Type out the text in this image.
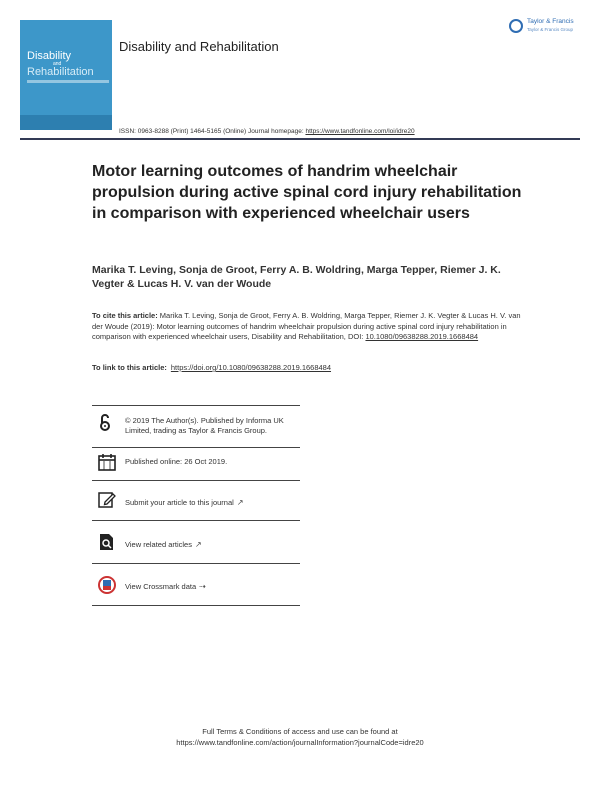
Disability
and
Rehabilitation
Disability and Rehabilitation
Taylor & Francis
Taylor & Francis Group
ISSN: 0963-8288 (Print) 1464-5165 (Online) Journal homepage: https://www.tandfonline.com/loi/idre20
Motor learning outcomes of handrim wheelchair propulsion during active spinal cord injury rehabilitation in comparison with experienced wheelchair users

Marika T. Leving, Sonja de Groot, Ferry A. B. Woldring, Marga Tepper, Riemer J. K. Vegter & Lucas H. V. van der Woude

To cite this article: Marika T. Leving, Sonja de Groot, Ferry A. B. Woldring, Marga Tepper, Riemer J. K. Vegter & Lucas H. V. van der Woude (2019): Motor learning outcomes of handrim wheelchair propulsion during active spinal cord injury rehabilitation in comparison with experienced wheelchair users, Disability and Rehabilitation, DOI: 10.1080/09638288.2019.1668484

To link to this article: https://doi.org/10.1080/09638288.2019.1668484
© 2019 The Author(s). Published by Informa UK Limited, trading as Taylor & Francis Group.
Published online: 26 Oct 2019.
Submit your article to this journal ↗
View related articles ↗
View Crossmark data ⇢
Full Terms & Conditions of access and use can be found at
https://www.tandfonline.com/action/journalInformation?journalCode=idre20
